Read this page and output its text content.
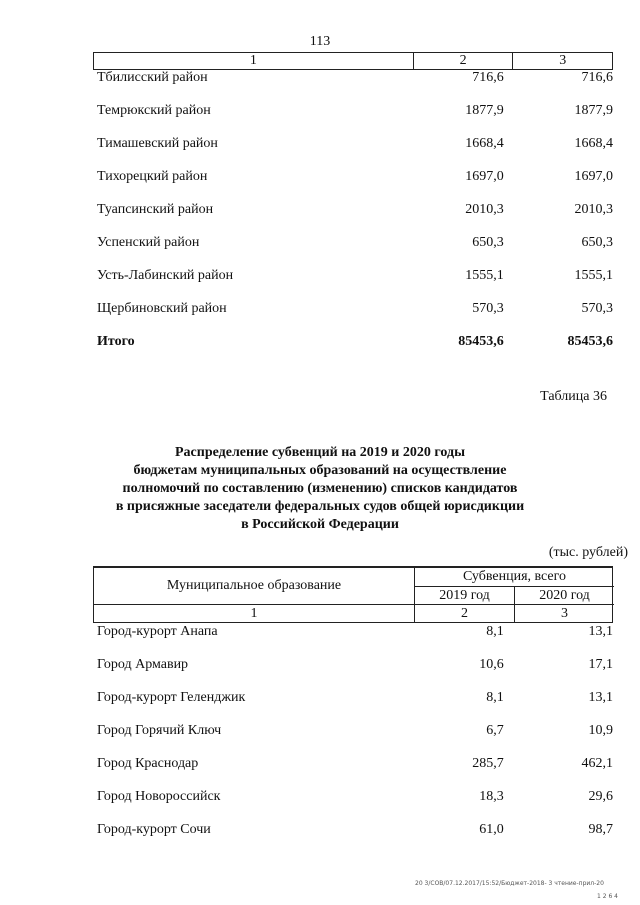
113
1	2	3
Тбилисский район	716,6	716,6
Темрюкский район	1877,9	1877,9
Тимашевский район	1668,4	1668,4
Тихорецкий район	1697,0	1697,0
Туапсинский район	2010,3	2010,3
Успенский район	650,3	650,3
Усть-Лабинский район	1555,1	1555,1
Щербиновский район	570,3	570,3
Итого	85453,6	85453,6
Таблица 36
Распределение субвенций на 2019 и 2020 годы
бюджетам муниципальных образований на осуществление
полномочий по составлению (изменению) списков кандидатов
в присяжные заседатели федеральных судов общей юрисдикции
в Российской Федерации
(тыс. рублей)
Муниципальное образование
Субвенция, всего
2019 год	2020 год
1	2	3
Город-курорт Анапа	8,1	13,1
Город Армавир	10,6	17,1
Город-курорт Геленджик	8,1	13,1
Город Горячий Ключ	6,7	10,9
Город Краснодар	285,7	462,1
Город Новороссийск	18,3	29,6
Город-курорт Сочи	61,0	98,7
20 3/СОВ/07.12.2017/15:52/Бюджет-2018- 3 чтение-прил-20
1 2 6 4
